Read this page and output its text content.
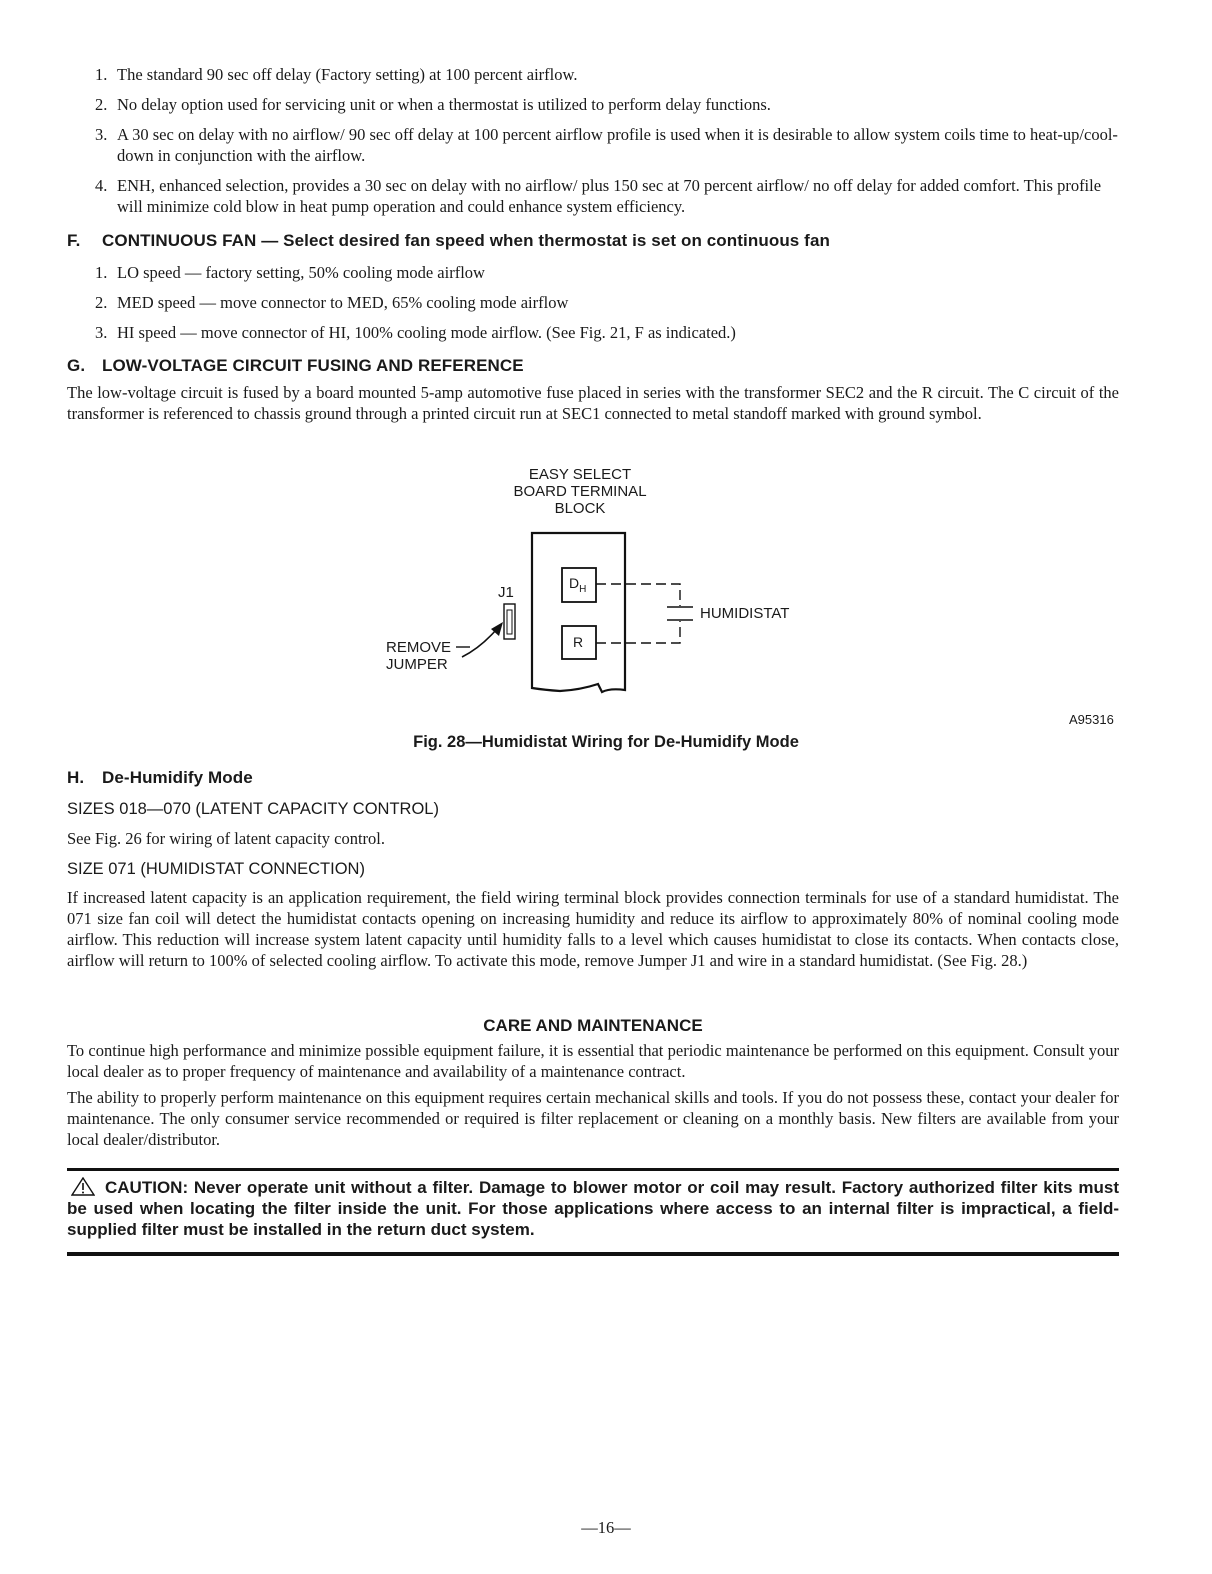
1. The standard 90 sec off delay (Factory setting) at 100 percent airflow.
2. No delay option used for servicing unit or when a thermostat is utilized to perform delay functions.
3. A 30 sec on delay with no airflow/ 90 sec off delay at 100 percent airflow profile is used when it is desirable to allow system coils time to heat-up/cool-down in conjunction with the airflow.
4. ENH, enhanced selection, provides a 30 sec on delay with no airflow/ plus 150 sec at 70 percent airflow/ no off delay for added comfort. This profile will minimize cold blow in heat pump operation and could enhance system efficiency.
F. CONTINUOUS FAN — Select desired fan speed when thermostat is set on continuous fan
1. LO speed — factory setting, 50% cooling mode airflow
2. MED speed — move connector to MED, 65% cooling mode airflow
3. HI speed — move connector of HI, 100% cooling mode airflow. (See Fig. 21, F as indicated.)
G. LOW-VOLTAGE CIRCUIT FUSING AND REFERENCE

The low-voltage circuit is fused by a board mounted 5-amp automotive fuse placed in series with the transformer SEC2 and the R circuit. The C circuit of the transformer is referenced to chassis ground through a printed circuit run at SEC1 connected to metal standoff marked with ground symbol.

EASY SELECT
BOARD TERMINAL
BLOCK
J1
REMOVE
JUMPER
$D_H$
R
HUMIDISTAT
A95316
Fig. 28—Humidistat Wiring for De-Humidify Mode
H. De-Humidify Mode
SIZES 018—070 (LATENT CAPACITY CONTROL)

See Fig. 26 for wiring of latent capacity control.

SIZE 071 (HUMIDISTAT CONNECTION)

If increased latent capacity is an application requirement, the field wiring terminal block provides connection terminals for use of a standard humidistat. The 071 size fan coil will detect the humidistat contacts opening on increasing humidity and reduce its airflow to approximately 80% of nominal cooling mode airflow. This reduction will increase system latent capacity until humidity falls to a level which causes humidistat to close its contacts. When contacts close, airflow will return to 100% of selected cooling airflow. To activate this mode, remove Jumper J1 and wire in a standard humidistat. (See Fig. 28.)

CARE AND MAINTENANCE

To continue high performance and minimize possible equipment failure, it is essential that periodic maintenance be performed on this equipment. Consult your local dealer as to proper frequency of maintenance and availability of a maintenance contract.

The ability to properly perform maintenance on this equipment requires certain mechanical skills and tools. If you do not possess these, contact your dealer for maintenance. The only consumer service recommended or required is filter replacement or cleaning on a monthly basis. New filters are available from your local dealer/distributor.

CAUTION: Never operate unit without a filter. Damage to blower motor or coil may result. Factory authorized filter kits must be used when locating the filter inside the unit. For those applications where access to an internal filter is impractical, a field-supplied filter must be installed in the return duct system.

—16—
